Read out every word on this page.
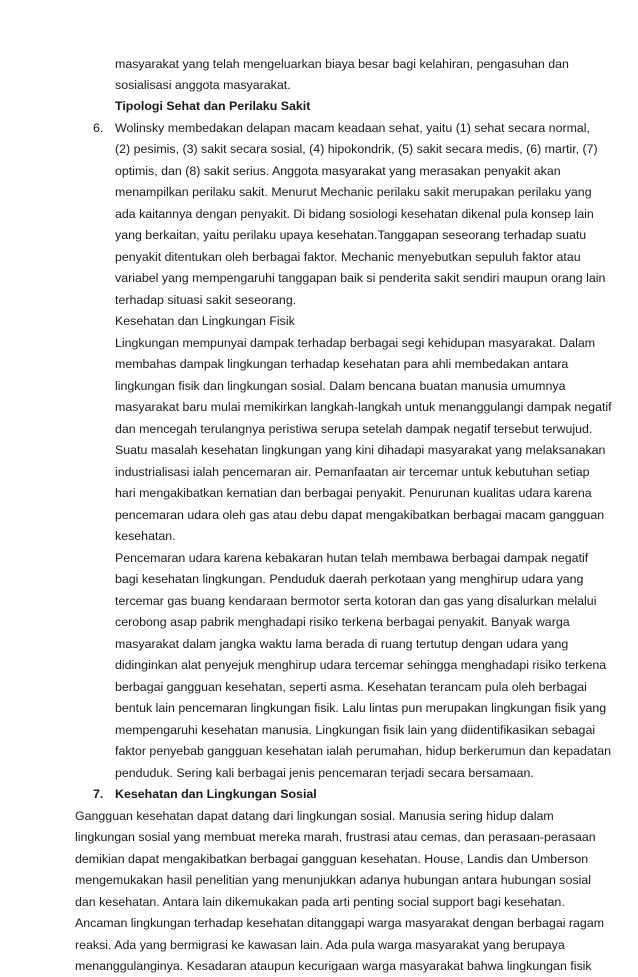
masyarakat yang telah mengeluarkan biaya besar bagi kelahiran, pengasuhan dan
sosialisasi anggota masyarakat.
Tipologi Sehat dan Perilaku Sakit
6. Wolinsky membedakan delapan macam keadaan sehat, yaitu (1) sehat secara normal,
(2) pesimis, (3) sakit secara sosial, (4) hipokondrik, (5) sakit secara medis, (6) martir, (7)
optimis, dan (8) sakit serius. Anggota masyarakat yang merasakan penyakit akan
menampilkan perilaku sakit. Menurut Mechanic perilaku sakit merupakan perilaku yang
ada kaitannya dengan penyakit. Di bidang sosiologi kesehatan dikenal pula konsep lain
yang berkaitan, yaitu perilaku upaya kesehatan.Tanggapan seseorang terhadap suatu
penyakit ditentukan oleh berbagai faktor. Mechanic menyebutkan sepuluh faktor atau
variabel yang mempengaruhi tanggapan baik si penderita sakit sendiri maupun orang lain
terhadap situasi sakit seseorang.
Kesehatan dan Lingkungan Fisik
Lingkungan mempunyai dampak terhadap berbagai segi kehidupan masyarakat. Dalam
membahas dampak lingkungan terhadap kesehatan para ahli membedakan antara
lingkungan fisik dan lingkungan sosial. Dalam bencana buatan manusia umumnya
masyarakat baru mulai memikirkan langkah-langkah untuk menanggulangi dampak negatif
dan mencegah terulangnya peristiwa serupa setelah dampak negatif tersebut terwujud.
Suatu masalah kesehatan lingkungan yang kini dihadapi masyarakat yang melaksanakan
industrialisasi ialah pencemaran air. Pemanfaatan air tercemar untuk kebutuhan setiap
hari mengakibatkan kematian dan berbagai penyakit. Penurunan kualitas udara karena
pencemaran udara oleh gas atau debu dapat mengakibatkan berbagai macam gangguan
kesehatan.
Pencemaran udara karena kebakaran hutan telah membawa berbagai dampak negatif
bagi kesehatan lingkungan. Penduduk daerah perkotaan yang menghirup udara yang
tercemar gas buang kendaraan bermotor serta kotoran dan gas yang disalurkan melalui
cerobong asap pabrik menghadapi risiko terkena berbagai penyakit. Banyak warga
masyarakat dalam jangka waktu lama berada di ruang tertutup dengan udara yang
didinginkan alat penyejuk menghirup udara tercemar sehingga menghadapi risiko terkena
berbagai gangguan kesehatan, seperti asma. Kesehatan terancam pula oleh berbagai
bentuk lain pencemaran lingkungan fisik. Lalu lintas pun merupakan lingkungan fisik yang
mempengaruhi kesehatan manusia. Lingkungan fisik lain yang diidentifikasikan sebagai
faktor penyebab gangguan kesehatan ialah perumahan, hidup berkerumun dan kepadatan
penduduk. Sering kali berbagai jenis pencemaran terjadi secara bersamaan.
7. Kesehatan dan Lingkungan Sosial
Gangguan kesehatan dapat datang dari lingkungan sosial. Manusia sering hidup dalam
lingkungan sosial yang membuat mereka marah, frustrasi atau cemas, dan perasaan-perasaan
demikian dapat mengakibatkan berbagai gangguan kesehatan. House, Landis dan Umberson
mengemukakan hasil penelitian yang menunjukkan adanya hubungan antara hubungan sosial
dan kesehatan. Antara lain dikemukakan pada arti penting social support bagi kesehatan.
Ancaman lingkungan terhadap kesehatan ditanggapi warga masyarakat dengan berbagai ragam
reaksi. Ada yang bermigrasi ke kawasan lain. Ada pula warga masyarakat yang berupaya
menanggulanginya. Kesadaran ataupun kecurigaan warga masyarakat bahwa lingkungan fisik
